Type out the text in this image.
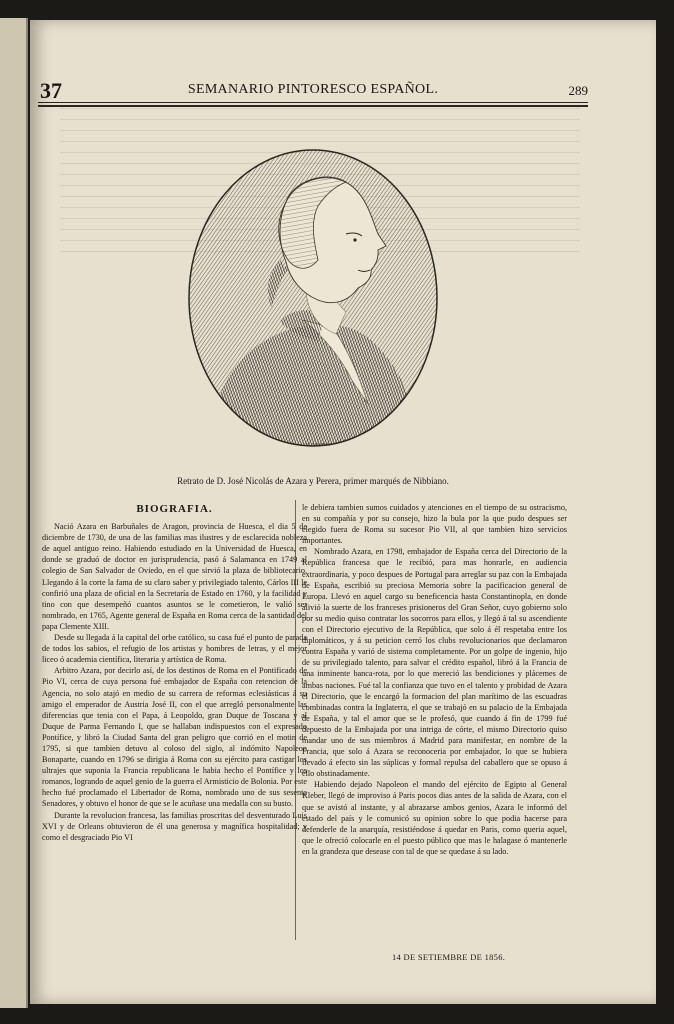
37	SEMANARIO PINTORESCO ESPAÑOL.	289
F.GASPARINI
Retrato de D. José Nicolás de Azara y Perera, primer marqués de Nibbiano.
BIOGRAFIA.

Nació Azara en Barbuñales de Aragon, provincia de Huesca, el dia 5 de diciembre de 1730, de una de las familias mas ilustres y de esclarecida nobleza de aquel antiguo reino. Habiendo estudiado en la Universidad de Huesca, en donde se graduó de doctor en jurisprudencia, pasó á Salamanca en 1749 al colegio de San Salvador de Oviedo, en el que sirvió la plaza de bibliotecario. Llegando á la corte la fama de su claro saber y privilegiado talento, Cárlos III le confirió una plaza de oficial en la Secretaría de Estado en 1760, y la facilidad y tino con que desempeñó cuantos asuntos se le cometieron, le valió ser nombrado, en 1765, Agente general de España en Roma cerca de la santidad del papa Clemente XIII.

Desde su llegada á la capital del orbe católico, su casa fué el punto de parada de todos los sabios, el refugio de los artistas y hombres de letras, y el mejor liceo ó academia científica, literaria y artística de Roma.

Arbitro Azara, por decirlo así, de los destinos de Roma en el Pontificado de Pio VI, cerca de cuya persona fué embajador de España con retencion de la Agencia, no solo atajó en medio de su carrera de reformas eclesiásticas á su amigo el emperador de Austria José II, con el que arregló personalmente las diferencias que tenia con el Papa, á Leopoldo, gran Duque de Toscana y al Duque de Parma Fernando I, que se hallaban indispuestos con el expresado Pontífice, y libró la Ciudad Santa del gran peligro que corrió en el motin de 1795, si que tambien detuvo al coloso del siglo, al indómito Napoleon Bonaparte, cuando en 1796 se dirigia á Roma con su ejército para castigar los ultrajes que suponia la Francia republicana le habia hecho el Pontífice y los romanos, logrando de aquel genio de la guerra el Armisticio de Bolonia. Por este hecho fué proclamado el Libertador de Roma, nombrado uno de sus sesenta Senadores, y obtuvo el honor de que se le acuñase una medalla con su busto.

Durante la revolucion francesa, las familias proscritas del desventurado Luis XVI y de Orleans obtuvieron de él una generosa y magnífica hospitalidad; y como el desgraciado Pio VI

le debiera tambien sumos cuidados y atenciones en el tiempo de su ostracismo, en su compañía y por su consejo, hizo la bula por la que pudo despues ser elegido fuera de Roma su sucesor Pio VII, al que tambien hizo servicios importantes.

Nombrado Azara, en 1798, embajador de España cerca del Directorio de la República francesa que le recibió, para mas honrarle, en audiencia extraordinaria, y poco despues de Portugal para arreglar su paz con la Embajada de España, escribió su preciosa Memoria sobre la pacificacion general de Europa. Llevó en aquel cargo su beneficencia hasta Constantinopla, en donde alivió la suerte de los franceses prisioneros del Gran Señor, cuyo gobierno solo por su medio quiso contratar los socorros para ellos, y llegó á tal su ascendiente con el Directorio ejecutivo de la República, que solo á él respetaba entre los diplomáticos, y á su peticion cerró los clubs revolucionarios que declamaron contra España y varió de sistema completamente. Por un golpe de ingenio, hijo de su privilegiado talento, para salvar el crédito español, libró á la Francia de una inminente banca-rota, por lo que mereció las bendiciones y plácemes de ambas naciones. Fué tal la confianza que tuvo en el talento y probidad de Azara el Directorio, que le encargó la formacion del plan marítimo de las escuadras combinadas contra la Inglaterra, el que se trabajó en su palacio de la Embajada de España, y tal el amor que se le profesó, que cuando á fin de 1799 fué depuesto de la Embajada por una intriga de córte, el mismo Directorio quiso mandar uno de sus miembros á Madrid para manifestar, en nombre de la Francia, que solo á Azara se reconoceria por embajador, lo que se hubiera llevado á efecto sin las súplicas y formal repulsa del caballero que se opuso á ello obstinadamente.

Habiendo dejado Napoleon el mando del ejército de Egipto al General Kleber, llegó de improviso á Paris pocos dias antes de la salida de Azara, con el que se avistó al instante, y al abrazarse ambos genios, Azara le informó del estado del país y le comunicó su opinion sobre lo que podia hacerse para defenderle de la anarquía, resistiéndose á quedar en Paris, como queria aquel, que le ofreció colocarle en el puesto público que mas le halagase ó mantenerle en la grandeza que desease con tal de que se quedase á su lado.

14 DE SETIEMBRE DE 1856.
